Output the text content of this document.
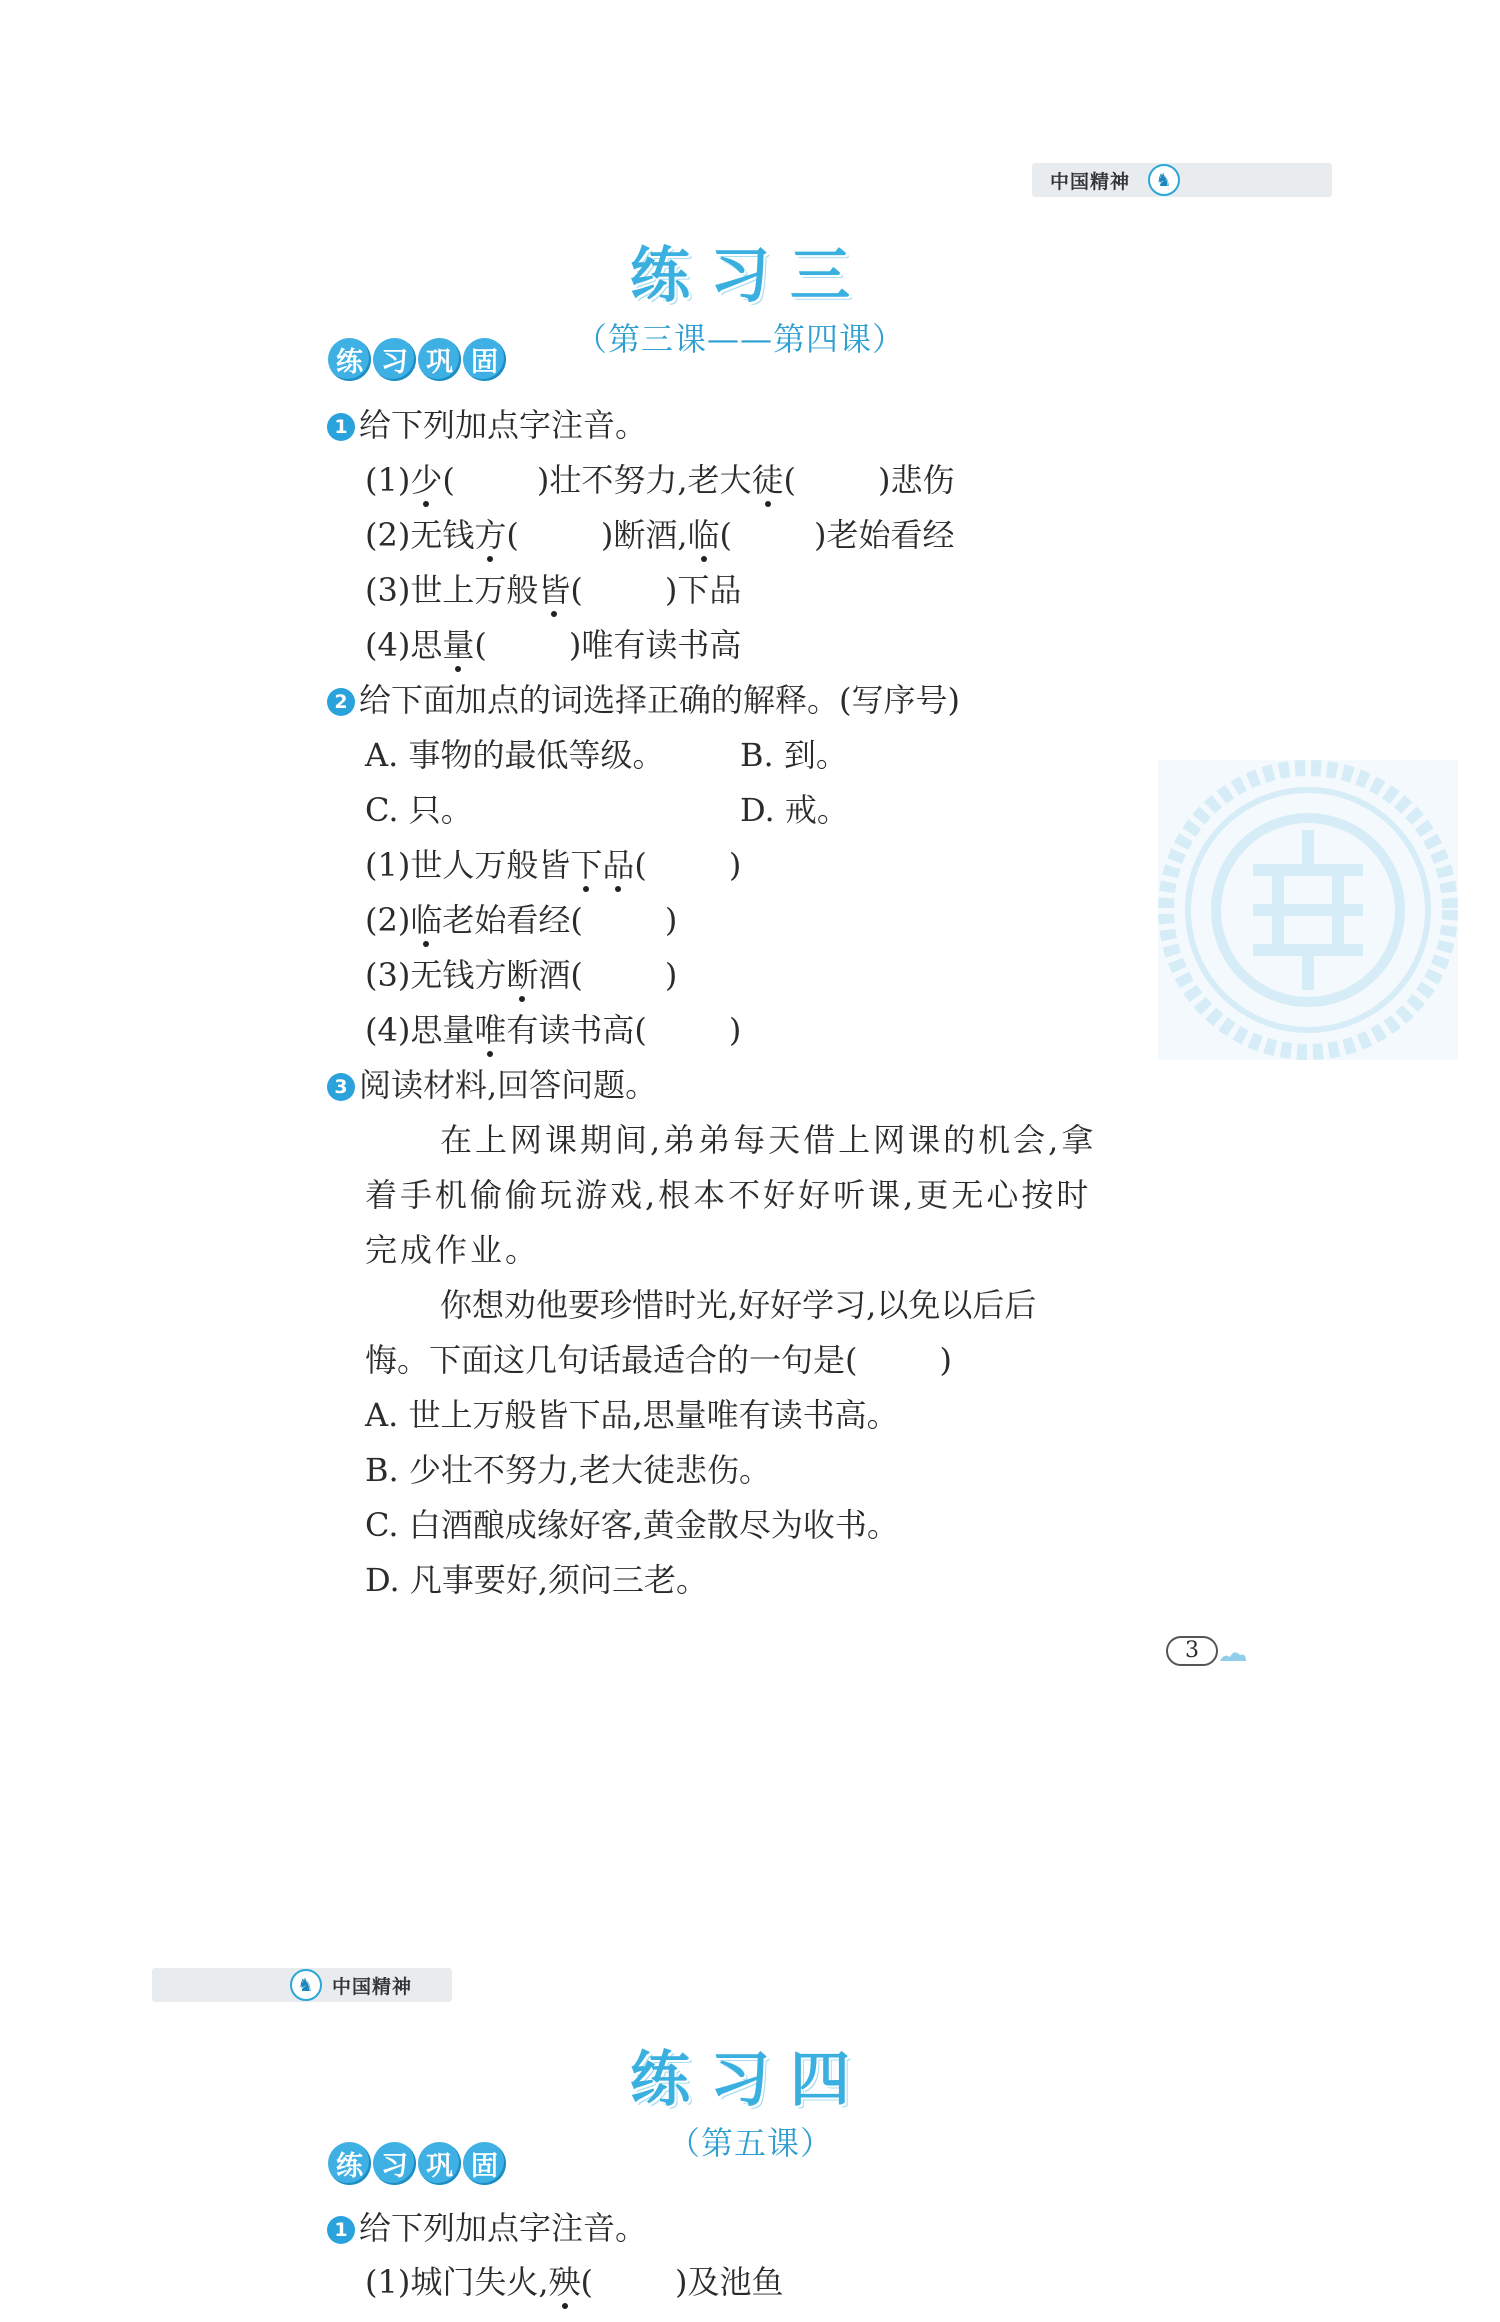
中国精神	♞
练习三
（第三课——第四课）
练 习 巩 固
1 给下列加点字注音。
(1)少(	)壮不努力,老大徒(	)悲伤
(2)无钱方(	)断酒,临(	)老始看经
(3)世上万般皆(	)下品
(4)思量(	)唯有读书高
2 给下面加点的词选择正确的解释。(写序号)
A. 事物的最低等级。 B. 到。
C. 只。	D. 戒。
(1)世人万般皆下品(	)
(2)临老始看经(	)
(3)无钱方断酒(	)
(4)思量唯有读书高(	)
3 阅读材料,回答问题。
在上网课期间,弟弟每天借上网课的机会,拿
着手机偷偷玩游戏,根本不好好听课,更无心按时
完成作业。
你想劝他要珍惜时光,好好学习,以免以后后
悔。下面这几句话最适合的一句是(	)
A. 世上万般皆下品,思量唯有读书高。
B. 少壮不努力,老大徒悲伤。
C. 白酒酿成缘好客,黄金散尽为收书。
D. 凡事要好,须问三老。
3
♞ 中国精神
练习四
（第五课）
练 习 巩 固
1 给下列加点字注音。
(1)城门失火,殃(	)及池鱼
